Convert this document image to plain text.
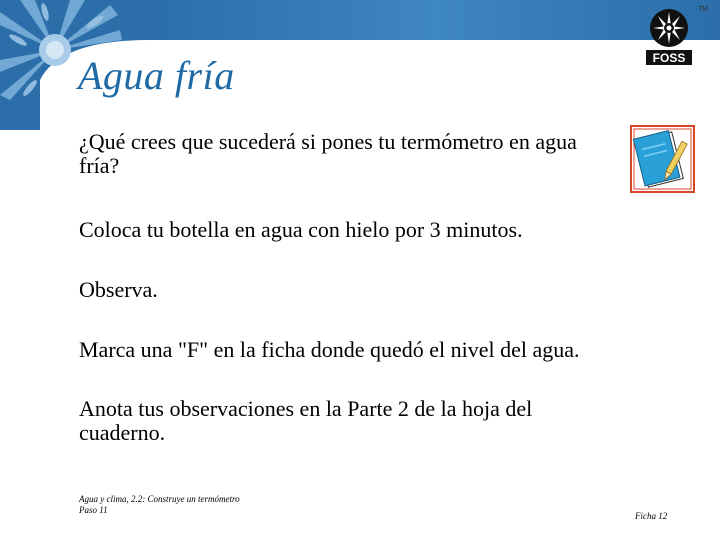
FOSS
TM
Agua fría

¿Qué crees que sucederá si pones tu termómetro en agua fría?

Coloca tu botella en agua con hielo por 3 minutos.

Observa.

Marca una "F" en la ficha donde quedó el nivel del agua.

Anota tus observaciones en la Parte 2 de la hoja del cuaderno.

Agua y clima, 2.2: Construye un termómetro
Paso 11
Ficha 12
